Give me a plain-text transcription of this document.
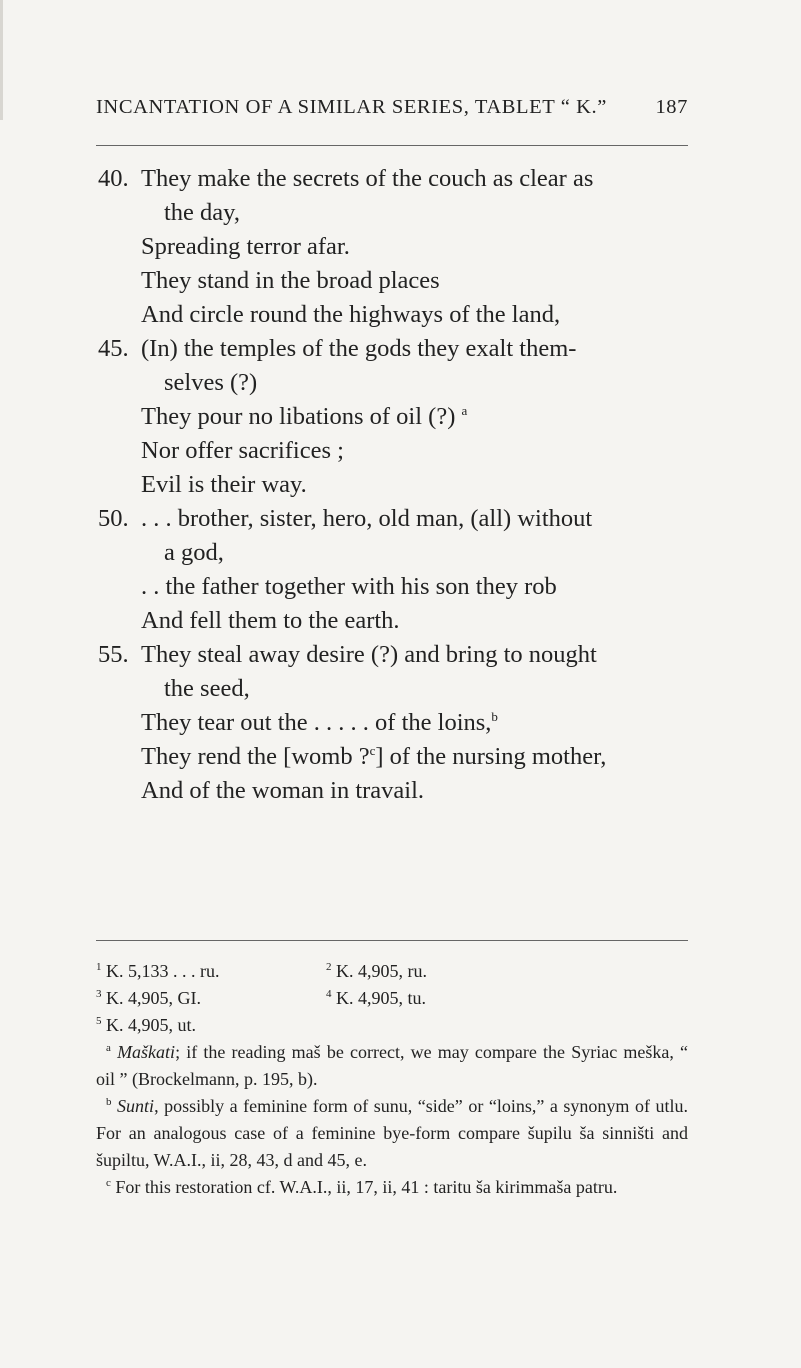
INCANTATION OF A SIMILAR SERIES, TABLET “ K.” 187
40. They make the secrets of the couch as clear as
the day,
Spreading terror afar.
They stand in the broad places
And circle round the highways of the land,
45. (In) the temples of the gods they exalt them-
selves (?)
They pour no libations of oil (?) $^a$
Nor offer sacrifices ;
Evil is their way.
50. . . . brother, sister, hero, old man, (all) without
a god,
. . the father together with his son they rob
And fell them to the earth.
55. They steal away desire (?) and bring to nought
the seed,
They tear out the . . . . . of the loins,$^b$
They rend the [womb ?$^c$] of the nursing mother,
And of the woman in travail.
$^1$ K. 5,133 . . . ru.	$^2$ K. 4,905, ru.
$^3$ K. 4,905, GI.	$^4$ K. 4,905, tu.
$^5$ K. 4,905, ut.
$^a$ Maškati; if the reading maš be correct, we may compare the Syriac meška, “ oil ” (Brockelmann, p. 195, b).
$^b$ Sunti, possibly a feminine form of sunu, “side” or “loins,” a synonym of utlu. For an analogous case of a feminine bye-form compare šupilu ša sinništi and šupiltu, W.A.I., ii, 28, 43, d and 45, e.
$^c$ For this restoration cf. W.A.I., ii, 17, ii, 41 : taritu ša kirimmaša patru.
